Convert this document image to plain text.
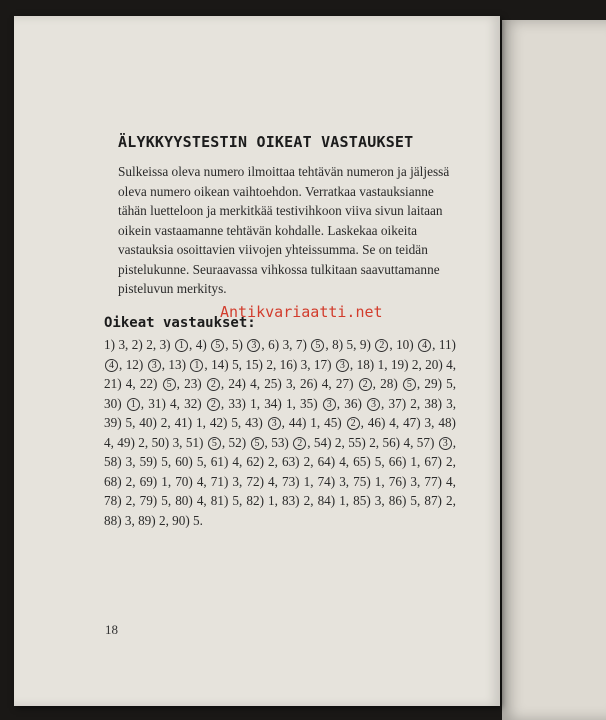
ÄLYKKYYSTESTIN OIKEAT VASTAUKSET

Sulkeissa oleva numero ilmoittaa tehtävän numeron ja jäljessä oleva numero oikean vaihtoehdon. Verratkaa vastauksianne tähän luetteloon ja merkitkää testivihkoon viiva sivun laitaan oikein vastaamanne tehtävän kohdalle. Laskekaa oikeita vastauksia osoittavien viivojen yhteissumma. Se on teidän pistelukunne. Seuraavassa vihkossa tulkitaan saavuttamanne pisteluvun merkitys.

Antikvariaatti.net
Oikeat vastaukset:
1) 3, 2) 2, 3) 1 , 4) 5 , 5) 3 , 6) 3, 7) 5 , 8) 5, 9) 2 , 10) 4 , 11) 4 , 12) 3 , 13) 1 , 14) 5, 15) 2, 16) 3, 17) 3 , 18) 1, 19) 2, 20) 4, 21) 4, 22) 5 , 23) 2 , 24) 4, 25) 3, 26) 4, 27) 2 , 28) 5 , 29) 5, 30) 1 , 31) 4, 32) 2 , 33) 1, 34) 1, 35) 3 , 36) 3 , 37) 2, 38) 3, 39) 5, 40) 2, 41) 1, 42) 5, 43) 3 , 44) 1, 45) 2 , 46) 4, 47) 3, 48) 4, 49) 2, 50) 3, 51) 5 , 52) 5 , 53) 2 , 54) 2, 55) 2, 56) 4, 57) 3 , 58) 3, 59) 5, 60) 5, 61) 4, 62) 2, 63) 2, 64) 4, 65) 5, 66) 1, 67) 2, 68) 2, 69) 1, 70) 4, 71) 3, 72) 4, 73) 1, 74) 3, 75) 1, 76) 3, 77) 4, 78) 2, 79) 5, 80) 4, 81) 5, 82) 1, 83) 2, 84) 1, 85) 3, 86) 5, 87) 2, 88) 3, 89) 2, 90) 5.
18
